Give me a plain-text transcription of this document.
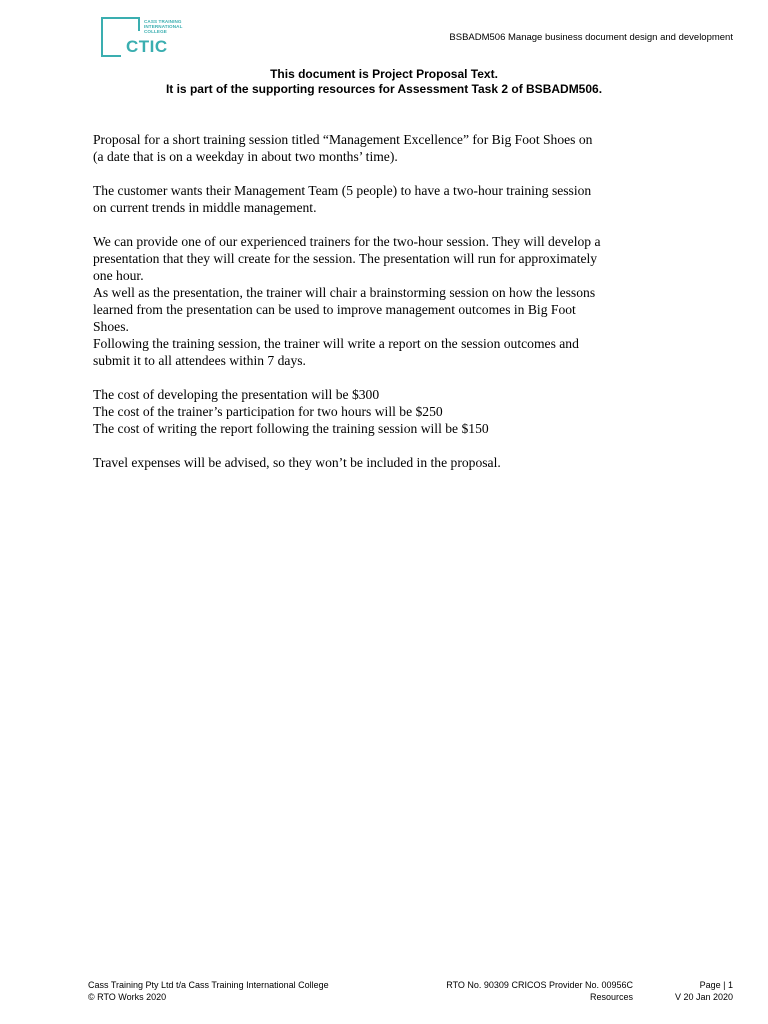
CASS TRAINING
INTERNATIONAL
COLLEGE
CTIC	BSBADM506 Manage business document design and development
This document is Project Proposal Text.
It is part of the supporting resources for Assessment Task 2 of BSBADM506.

Proposal for a short training session titled “Management Excellence” for Big Foot Shoes on

(a date that is on a weekday in about two months’ time).

The customer wants their Management Team (5 people) to have a two-hour training session

on current trends in middle management.

We can provide one of our experienced trainers for the two-hour session. They will develop a

presentation that they will create for the session. The presentation will run for approximately

one hour.

As well as the presentation, the trainer will chair a brainstorming session on how the lessons

learned from the presentation can be used to improve management outcomes in Big Foot

Shoes.

Following the training session, the trainer will write a report on the session outcomes and

submit it to all attendees within 7 days.

The cost of developing the presentation will be $300

The cost of the trainer’s participation for two hours will be $250

The cost of writing the report following the training session will be $150

Travel expenses will be advised, so they won’t be included in the proposal.

Cass Training Pty Ltd t/a Cass Training International College
© RTO Works 2020
RTO No. 90309 CRICOS Provider No. 00956C
Resources
Page | 1
V 20 Jan 2020
